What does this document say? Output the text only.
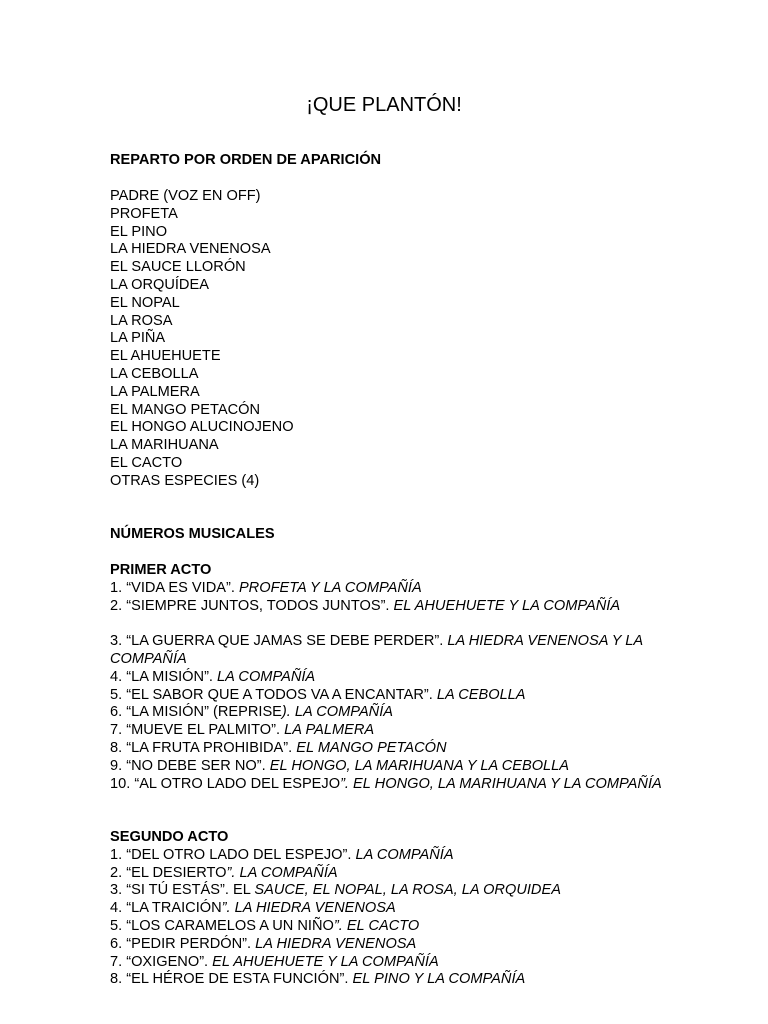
¡QUE PLANTÓN!
REPARTO POR ORDEN DE APARICIÓN
PADRE (VOZ EN OFF)
PROFETA
EL PINO
LA HIEDRA VENENOSA
EL SAUCE LLORÓN
LA ORQUÍDEA
EL NOPAL
LA ROSA
LA PIÑA
EL AHUEHUETE
LA CEBOLLA
LA PALMERA
EL MANGO PETACÓN
EL HONGO ALUCINOJENO
LA MARIHUANA
EL CACTO
OTRAS ESPECIES (4)
NÚMEROS MUSICALES
PRIMER ACTO
1. “VIDA ES VIDA”. PROFETA Y LA COMPAÑÍA
2. “SIEMPRE JUNTOS, TODOS JUNTOS”. EL AHUEHUETE Y LA COMPAÑÍA
3. “LA GUERRA QUE JAMAS SE DEBE PERDER”. LA HIEDRA VENENOSA Y LA COMPAÑÍA
4. “LA MISIÓN”. LA COMPAÑÍA
5. “EL SABOR QUE A TODOS VA A ENCANTAR”. LA CEBOLLA
6. “LA MISIÓN” (REPRISE). LA COMPAÑÍA
7. “MUEVE EL PALMITO”. LA PALMERA
8. “LA FRUTA PROHIBIDA”. EL MANGO PETACÓN
9. “NO DEBE SER NO”. EL HONGO, LA MARIHUANA Y LA CEBOLLA
10. “AL OTRO LADO DEL ESPEJO”. EL HONGO, LA MARIHUANA Y LA COMPAÑÍA
SEGUNDO ACTO
1. “DEL OTRO LADO DEL ESPEJO”. LA COMPAÑÍA
2. “EL DESIERTO”. LA COMPAÑÍA
3. “SI TÚ ESTÁS”. EL SAUCE, EL NOPAL, LA ROSA, LA ORQUIDEA
4. “LA TRAICIÓN”. LA HIEDRA VENENOSA
5. “LOS CARAMELOS A UN NIÑO”. EL CACTO
6. “PEDIR PERDÓN”. LA HIEDRA VENENOSA
7. “OXIGENO”. EL AHUEHUETE Y LA COMPAÑÍA
8. “EL HÉROE DE ESTA FUNCIÓN”. EL PINO Y LA COMPAÑÍA
